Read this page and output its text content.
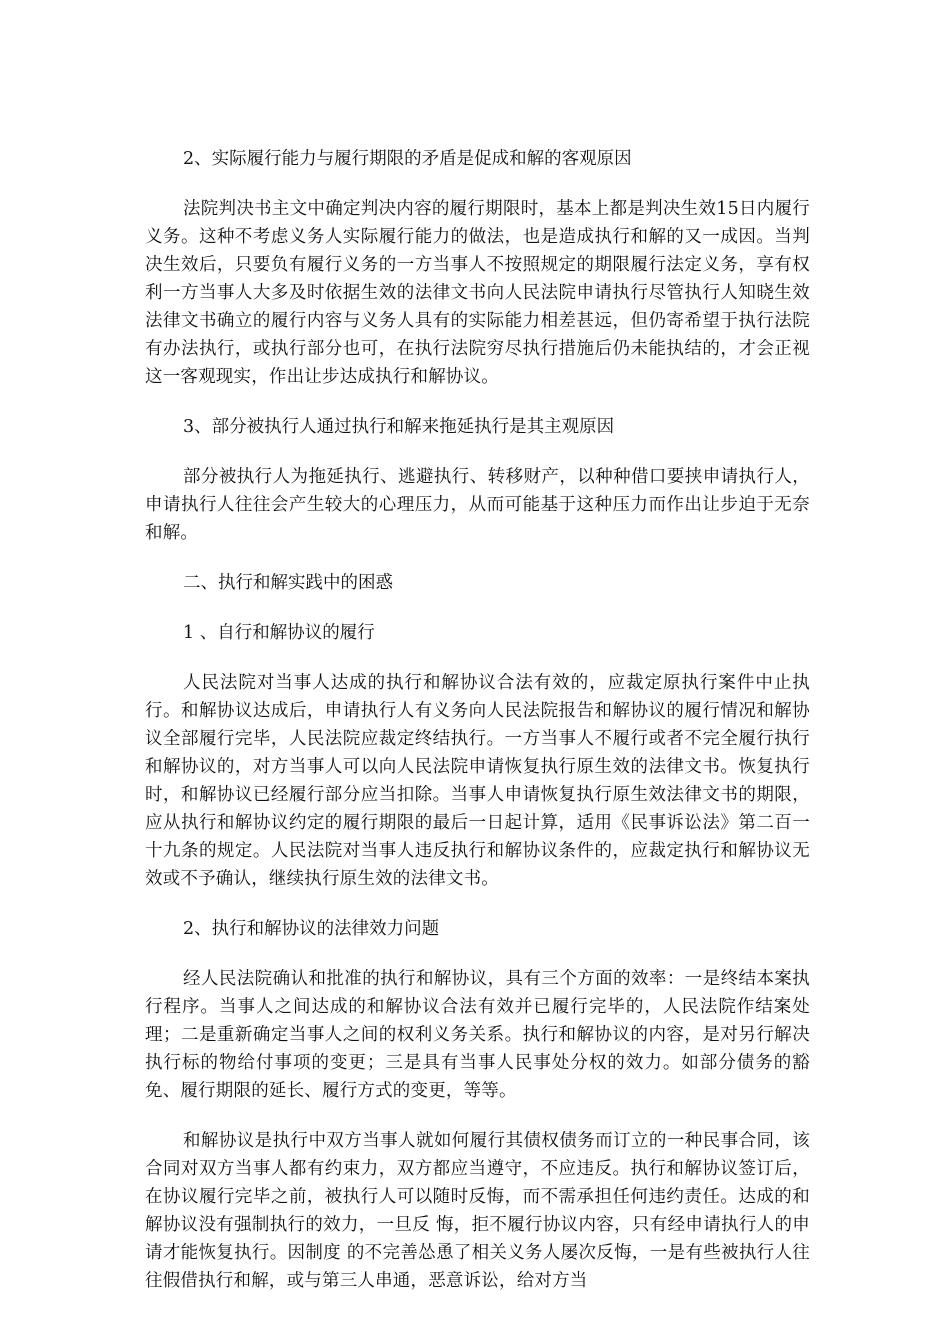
2、实际履行能力与履行期限的矛盾是促成和解的客观原因

法院判决书主文中确定判决内容的履行期限时，基本上都是判决生效15日内履行义务。这种不考虑义务人实际履行能力的做法，也是造成执行和解的又一成因。当判决生效后，只要负有履行义务的一方当事人不按照规定的期限履行法定义务，享有权利一方当事人大多及时依据生效的法律文书向人民法院申请执行尽管执行人知晓生效法律文书确立的履行内容与义务人具有的实际能力相差甚远，但仍寄希望于执行法院有办法执行，或执行部分也可，在执行法院穷尽执行措施后仍未能执结的，才会正视这一客观现实，作出让步达成执行和解协议。

3、部分被执行人通过执行和解来拖延执行是其主观原因

部分被执行人为拖延执行、逃避执行、转移财产，以种种借口要挟申请执行人，申请执行人往往会产生较大的心理压力，从而可能基于这种压力而作出让步迫于无奈和解。

二、执行和解实践中的困惑

1 、自行和解协议的履行

人民法院对当事人达成的执行和解协议合法有效的，应裁定原执行案件中止执行。和解协议达成后，申请执行人有义务向人民法院报告和解协议的履行情况和解协议全部履行完毕，人民法院应裁定终结执行。一方当事人不履行或者不完全履行执行和解协议的，对方当事人可以向人民法院申请恢复执行原生效的法律文书。恢复执行时，和解协议已经履行部分应当扣除。当事人申请恢复执行原生效法律文书的期限，应从执行和解协议约定的履行期限的最后一日起计算，适用《民事诉讼法》第二百一十九条的规定。人民法院对当事人违反执行和解协议条件的，应裁定执行和解协议无效或不予确认，继续执行原生效的法律文书。

2、执行和解协议的法律效力问题

经人民法院确认和批准的执行和解协议，具有三个方面的效率：一是终结本案执行程序。当事人之间达成的和解协议合法有效并已履行完毕的，人民法院作结案处理；二是重新确定当事人之间的权利义务关系。执行和解协议的内容，是对另行解决执行标的物给付事项的变更；三是具有当事人民事处分权的效力。如部分债务的豁免、履行期限的延长、履行方式的变更，等等。

和解协议是执行中双方当事人就如何履行其债权债务而订立的一种民事合同，该合同对双方当事人都有约束力，双方都应当遵守，不应违反。执行和解协议签订后，在协议履行完毕之前，被执行人可以随时反悔，而不需承担任何违约责任。达成的和解协议没有强制执行的效力，一旦反 悔，拒不履行协议内容，只有经申请执行人的申请才能恢复执行。因制度 的不完善怂恿了相关义务人屡次反悔，一是有些被执行人往往假借执行和解，或与第三人串通，恶意诉讼，给对方当
